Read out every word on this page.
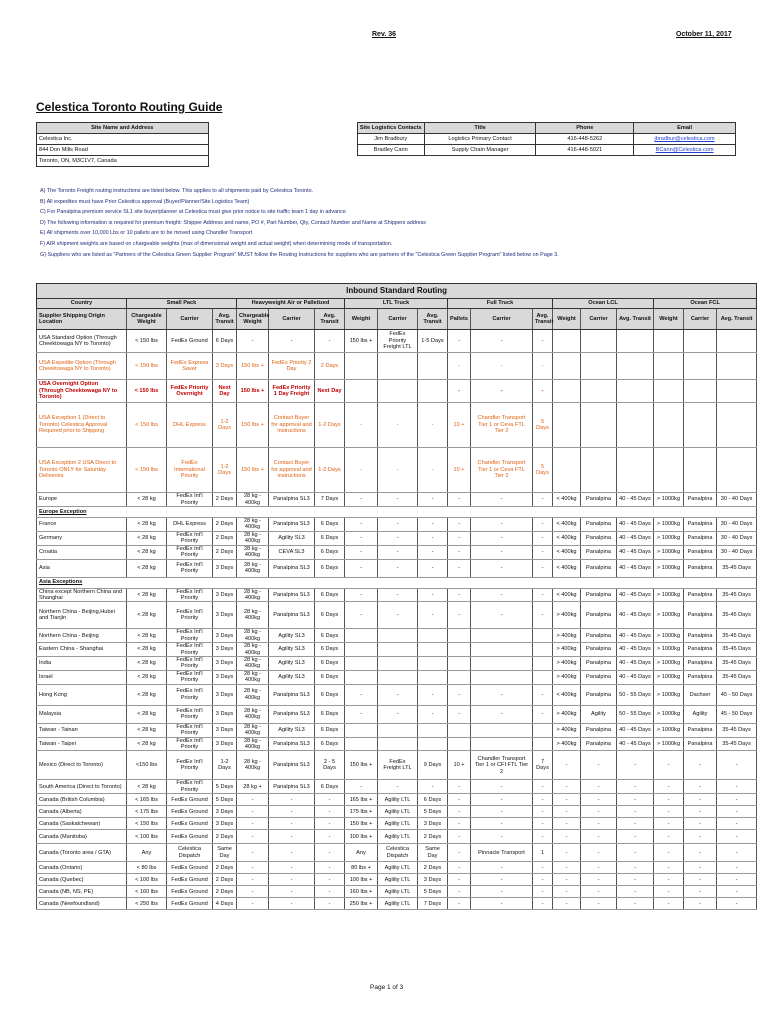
Rev. 36	October 11, 2017
Celestica Toronto Routing Guide
Site Name and Address		Site Logistics Contacts	Title	Phone	Email
Celestica Inc.		Jim Bradbury	Logistics Primary Contact	416-448-5262	jbradbur@celestica.com
844 Don Mills Road		Bradley Cann	Supply Chain Manager	416-448-5021	BCann@Celestica.com
Toronto, ON, M3C1V7, Canada					
A) The Toronto Freight routing instructions are listed below. This applies to all shipments paid by Celestica Toronto.
B) All expedites must have Prior Celestica approval (Buyer/Planner/Site Logistics Team)
C) For Panalpina premium service SL1 site buyer/planner at Celestica must give prior notice to site traffic team 1 day in advance
D) The following information is required for premium freight: Shipper Address and name, PO #, Part Number, Qty, Contact Number and Name at Shippers address
E) All shipments over 10,000 Lbs or 10 pallets are to be moved using Chandler Transport
F) AIR shipment weights are based on chargeable weights (max of dimensional weight and actual weight) when determining mode of transportation.
G) Suppliers who are listed as "Partners of the Celestica Green Supplier Program" MUST follow the Routing Instructions for suppliers who are partners of the "Celestica Green Supplier Program" listed below on Page 3.
Inbound Standard Routing																		
Country	Small Pack			Heavyweight Air or Palletized			LTL Truck			Full Truck			Ocean LCL			Ocean FCL		
Supplier Shipping Origin Location	Chargeable Weight	Carrier	Avg. Transit	Chargeable Weight	Carrier	Avg. Transit	Weight	Carrier	Avg. Transit	Pallets	Carrier	Avg. Transit	Weight	Carrier	Avg. Transit	Weight	Carrier	Avg. Transit
USA Standard Option (Through Cheektowaga NY to Toronto)	< 150 lbs	FedEx Ground	6 Days	-	-	-	150 lbs +	FedEx Priority Freight LTL	1-5 Days	-	-	-						
USA Expedite Option (Through Cheektowaga NY to Toronto)	< 150 lbs	FedEx Express Saver	3 Days	150 lbs +	FedEx Priority 2 Day	2 Days				-	-	-						
USA Overnight Option (Through Cheektowaga NY to Toronto)	< 150 lbs	FedEx Priority Overnight	Next Day	150 lbs +	FedEx Priority 1 Day Freight	Next Day				-	-	-						
USA Exception 1 (Direct to Toronto) Celestica Approval Required prior to Shipping	< 150 lbs	DHL Express	1-2 Days	150 lbs +	Contact Buyer for approval and instructions	1-2 Days	-	-	-	10 +	Chandler Transport Tier 1 or Ceva FTL Tier 2	5 Days						
USA Exception 2 USA Direct to Toronto ONLY for Saturday Deliveries	< 150 lbs	FedEx International Priority	1-2 Days	150 lbs +	Contact Buyer for approval and instructions	1-2 Days	-	-	-	10 +	Chandler Transport Tier 1 or Ceva FTL Tier 2	5 Days						
Europe	< 28 kg	FedEx Int'l Priority	2 Days	28 kg - 400kg	Panalpina SL3	7 Days	-	-	-	-	-	-	< 400kg	Panalpina	40 - 45 Days	> 1000kg	Panalpina	30 - 40 Days
Europe Exception																		
France	< 28 kg	DHL Express	2 Days	28 kg - 400kg	Panalpina SL3	6 Days	-	-	-	-	-	-	< 400kg	Panalpina	40 - 45 Days	> 1000kg	Panalpina	30 - 40 Days
Germany	< 28 kg	FedEx Int'l Priority	2 Days	28 kg - 400kg	Agility SL3	6 Days	-	-	-	-	-	-	< 400kg	Panalpina	40 - 45 Days	> 1000kg	Panalpina	30 - 40 Days
Croatia	< 28 kg	FedEx Int'l Priority	2 Days	28 kg - 400kg	CEVA SL3	6 Days	-	-	-	-	-	-	< 400kg	Panalpina	40 - 45 Days	> 1000kg	Panalpina	30 - 40 Days
Asia	< 28 kg	FedEx Int'l Priority	3 Days	28 kg - 400kg	Panalpina SL3	6 Days	-	-	-	-	-	-	< 400kg	Panalpina	40 - 45 Days	> 1000kg	Panalpina	35-45 Days
Asia Exceptions																		
China except Northern China and Shanghai	< 28 kg	FedEx Int'l Priority	3 Days	28 kg - 400kg	Panalpina SL3	6 Days	-	-	-	-	-	-	< 400kg	Panalpina	40 - 45 Days	> 1000kg	Panalpina	35-45 Days
Northern China - Beijing,Hubei and Tianjin	< 28 kg	FedEx Int'l Priority	3 Days	28 kg - 400kg	Panalpina SL3	6 Days	-	-	-	-	-	-	> 400kg	Panalpina	40 - 45 Days	> 1000kg	Panalpina	35-45 Days
Northern China - Beijing	< 28 kg	FedEx Int'l Priority	3 Days	28 kg - 400kg	Agility SL3	6 Days							> 400kg	Panalpina	40 - 45 Days	> 1000kg	Panalpina	35-45 Days
Eastern China - Shanghai	< 28 kg	FedEx Int'l Priority	3 Days	28 kg - 400kg	Agility SL3	6 Days							> 400kg	Panalpina	40 - 45 Days	> 1000kg	Panalpina	35-45 Days
India	< 28 kg	FedEx Int'l Priority	3 Days	28 kg - 400kg	Agility SL3	6 Days							> 400kg	Panalpina	40 - 45 Days	> 1000kg	Panalpina	35-45 Days
Israel	< 28 kg	FedEx Int'l Priority	3 Days	28 kg - 400kg	Agility SL3	6 Days							> 400kg	Panalpina	40 - 45 Days	> 1000kg	Panalpina	35-45 Days
Hong Kong	< 28 kg	FedEx Int'l Priority	3 Days	28 kg - 400kg	Panalpina SL3	6 Days	-	-	-	-	-	-	< 400kg	Panalpina	50 - 55 Days	> 1000kg	Dachser	45 - 50 Days
Malaysia	< 28 kg	FedEx Int'l Priority	3 Days	28 kg - 400kg	Panalpina SL3	6 Days	-	-	-	-	-	-	> 400kg	Agility	50 - 55 Days	> 1000kg	Agility	45 - 50 Days
Taiwan - Tainan	< 28 kg	FedEx Int'l Priority	3 Days	28 kg - 400kg	Agility SL3	6 Days							> 400kg	Panalpina	40 - 45 Days	> 1000kg	Panalpina	35-45 Days
Taiwan - Taipei	< 28 kg	FedEx Int'l Priority	3 Days	28 kg - 400kg	Panalpina SL3	6 Days							> 400kg	Panalpina	40 - 45 Days	> 1000kg	Panalpina	35-45 Days
Mexico (Direct to Toronto)	<150 lbs	FedEx Int'l Priority	1-2 Days	28 kg - 400kg	Panalpina SL3	2 - 5 Days	150 lbs +	FedEx Freight LTL	9 Days	10 +	Chandler Transport Tier 1 or CFI FTL Tier 2	7 Days	-	-	-	-	-	-
South America (Direct to Toronto)	< 28 kg	FedEx Int'l Priority	5 Days	28 kg +	Panalpina SL3	6 Days	-	-	-	-	-	-	-	-	-	-	-	-
Canada (British Columbia)	< 165 lbs	FedEx Ground	5 Days	-	-	-	165 lbs +	Agility LTL	6 Days	-	-	-	-	-	-	-	-	-
Canada (Alberta)	< 175 lbs	FedEx Ground	3 Days	-	-	-	175 lbs +	Agility LTL	5 Days	-	-	-	-	-	-	-	-	-
Canada (Saskatchewan)	< 150 lbs	FedEx Ground	3 Days	-	-	-	150 lbs +	Agility LTL	3 Days	-	-	-	-	-	-	-	-	-
Canada (Manitoba)	< 100 lbs	FedEx Ground	2 Days	-	-	-	100 lbs +	Agility LTL	2 Days	-	-	-	-	-	-	-	-	-
Canada (Toronto area / GTA)	Any	Celestica Dispatch	Same Day	-	-	-	Any	Celestica Dispatch	Same Day	-	Pinnacle Transport	1	-	-	-	-	-	-
Canada (Ontario)	< 80 lbs	FedEx Ground	2 Days	-	-	-	80 lbs +	Agility LTL	2 Days	-	-	-	-	-	-	-	-	-
Canada (Quebec)	< 100 lbs	FedEx Ground	2 Days	-	-	-	100 lbs +	Agility LTL	3 Days	-	-	-	-	-	-	-	-	-
Canada (NB, NS, PE)	< 160 lbs	FedEx Ground	2 Days	-	-	-	160 lbs +	Agility LTL	5 Days	-	-	-	-	-	-	-	-	-
Canada (Newfoundland)	< 250 lbs	FedEx Ground	4 Days	-	-	-	250 lbs +	Agility LTL	7 Days	-	-	-	-	-	-	-	-	-
Page 1 of 3
